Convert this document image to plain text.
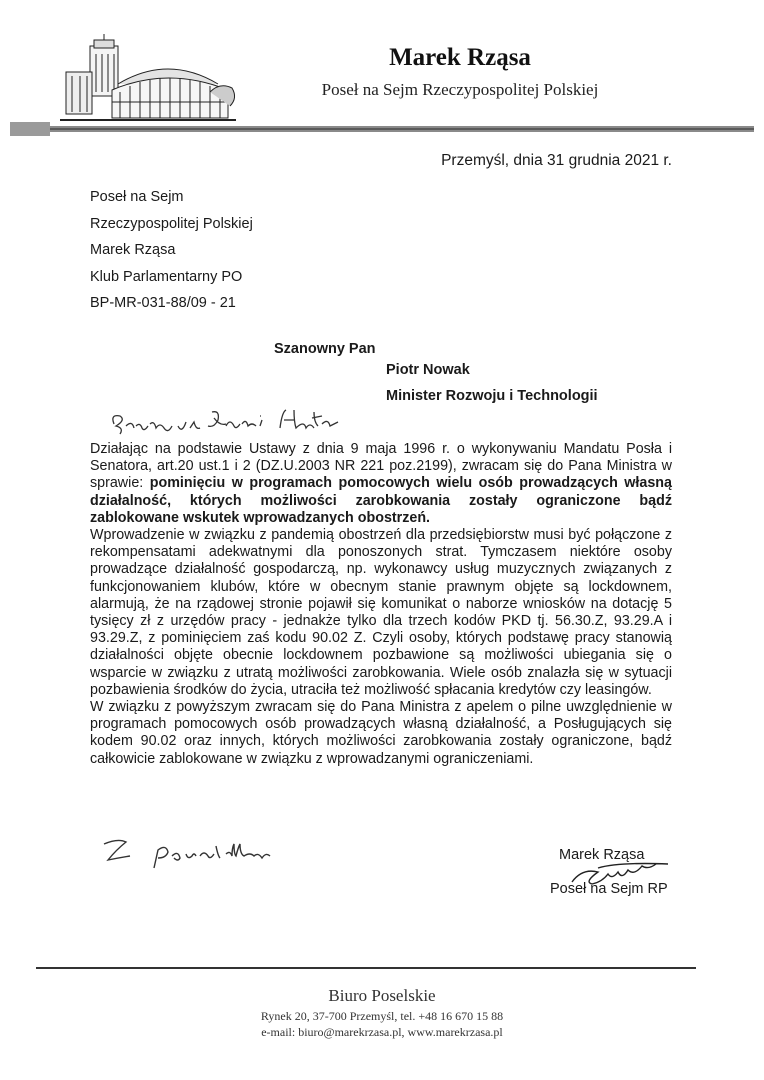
Marek Rząsa
Poseł na Sejm Rzeczypospolitej Polskiej
Przemyśl, dnia 31 grudnia 2021 r.
Poseł na Sejm
Rzeczypospolitej Polskiej
Marek Rząsa
Klub Parlamentarny PO
BP-MR-031-88/09 - 21
Szanowny Pan
Piotr Nowak
Minister Rozwoju i Technologii

Działając na podstawie Ustawy z dnia 9 maja 1996 r. o wykonywaniu Mandatu Posła i Senatora, art.20 ust.1 i 2 (DZ.U.2003 NR 221 poz.2199), zwracam się do Pana Ministra w sprawie: pominięciu w programach pomocowych wielu osób prowadzących własną działalność, których możliwości zarobkowania zostały ograniczone bądź zablokowane wskutek wprowadzanych obostrzeń.

Wprowadzenie w związku z pandemią obostrzeń dla przedsiębiorstw musi być połączone z rekompensatami adekwatnymi dla ponoszonych strat. Tymczasem niektóre osoby prowadzące działalność gospodarczą, np. wykonawcy usług muzycznych związanych z funkcjonowaniem klubów, które w obecnym stanie prawnym objęte są lockdownem, alarmują, że na rządowej stronie pojawił się komunikat o naborze wniosków na dotację 5 tysięcy zł z urzędów pracy - jednakże tylko dla trzech kodów PKD tj. 56.30.Z, 93.29.A i 93.29.Z, z pominięciem zaś kodu 90.02 Z. Czyli osoby, których podstawę pracy stanowią działalności objęte obecnie lockdownem pozbawione są możliwości ubiegania się o wsparcie w związku z utratą możliwości zarobkowania. Wiele osób znalazła się w sytuacji pozbawienia środków do życia, utraciła też możliwość spłacania kredytów czy leasingów.

W związku z powyższym zwracam się do Pana Ministra z apelem o pilne uwzględnienie w programach pomocowych osób prowadzących własną działalność, a Posługujących się kodem 90.02 oraz innych, których możliwości zarobkowania zostały ograniczone, bądź całkowicie zablokowane w związku z wprowadzanymi ograniczeniami.

Marek Rząsa
Poseł na Sejm RP
Biuro Poselskie
Rynek 20, 37-700 Przemyśl, tel. +48 16 670 15 88
e-mail: biuro@marekrzasa.pl, www.marekrzasa.pl
